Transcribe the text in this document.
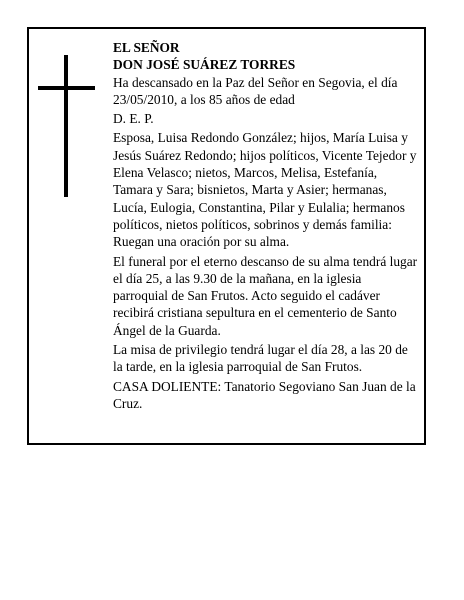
EL SEÑOR

DON JOSÉ SUÁREZ TORRES

Ha descansado en la Paz del Señor en Segovia, el día 23/05/2010, a los 85 años de edad

D. E. P.

Esposa, Luisa Redondo González; hijos, María Luisa y Jesús Suárez Redondo; hijos políticos, Vicente Tejedor y Elena Velasco; nietos, Marcos, Melisa, Estefanía, Tamara y Sara; bisnietos, Marta y Asier; hermanas, Lucía, Eulogia, Constantina, Pilar y Eulalia; hermanos políticos, nietos políticos, sobrinos y demás familia:

Ruegan una oración por su alma.

El funeral por el eterno descanso de su alma tendrá lugar el día 25, a las 9.30 de la mañana, en la iglesia parroquial de San Frutos. Acto seguido el cadáver recibirá cristiana sepultura en el cementerio de Santo Ángel de la Guarda.

La misa de privilegio tendrá lugar el día 28, a las 20 de la tarde, en la iglesia parroquial de San Frutos.

CASA DOLIENTE: Tanatorio Segoviano San Juan de la Cruz.
